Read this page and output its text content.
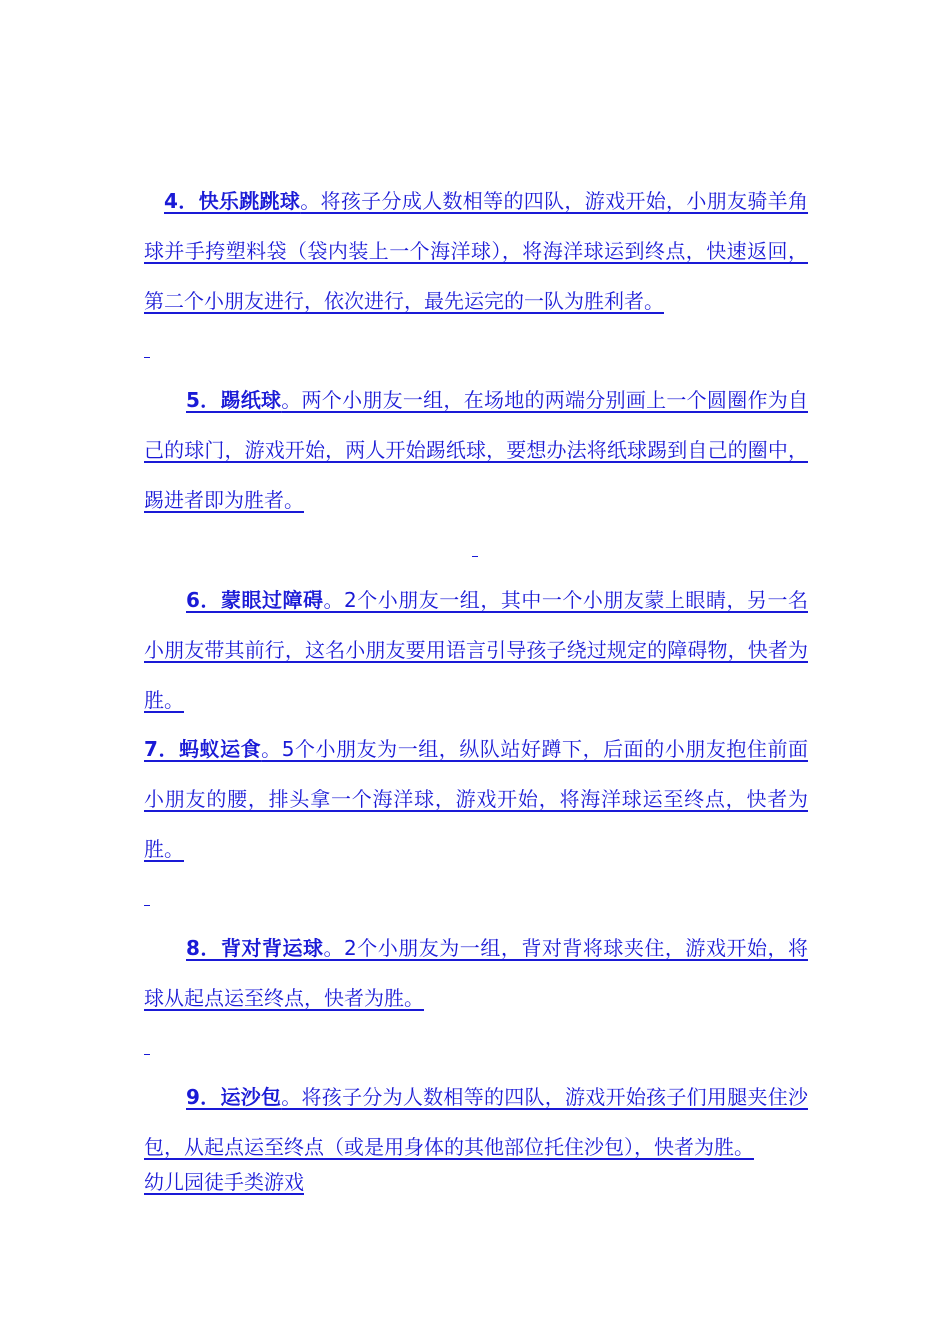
4．快乐跳跳球。将孩子分成人数相等的四队，游戏开始，小朋友骑羊角球并手挎塑料袋（袋内装上一个海洋球），将海洋球运到终点，快速返回，第二个小朋友进行，依次进行，最先运完的一队为胜利者。

5．踢纸球。两个小朋友一组，在场地的两端分别画上一个圆圈作为自己的球门，游戏开始，两人开始踢纸球，要想办法将纸球踢到自己的圈中，踢进者即为胜者。

6．蒙眼过障碍。2个小朋友一组，其中一个小朋友蒙上眼睛，另一名小朋友带其前行，这名小朋友要用语言引导孩子绕过规定的障碍物，快者为胜。

7．蚂蚁运食。5个小朋友为一组，纵队站好蹲下，后面的小朋友抱住前面小朋友的腰，排头拿一个海洋球，游戏开始，将海洋球运至终点，快者为胜。

8．背对背运球。2个小朋友为一组，背对背将球夹住，游戏开始，将球从起点运至终点，快者为胜。

9．运沙包。将孩子分为人数相等的四队，游戏开始孩子们用腿夹住沙包，从起点运至终点（或是用身体的其他部位托住沙包），快者为胜。

幼儿园徒手类游戏
